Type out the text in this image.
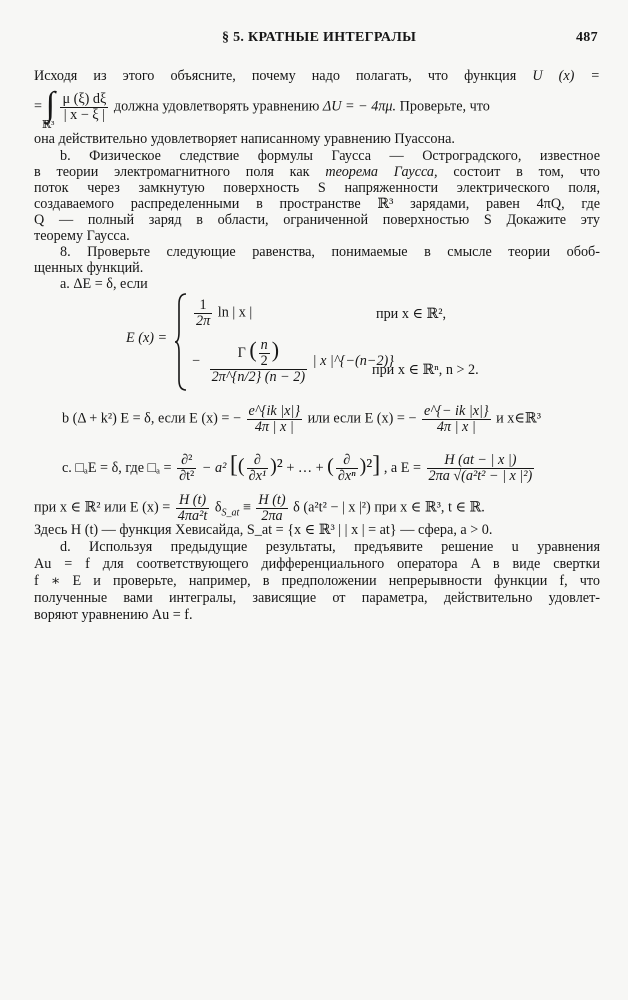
§ 5. КРАТНЫЕ ИНТЕГРАЛЫ	487
Исходя из этого объясните, почему надо полагать, что функция U (x) =
= ∫ $\frac{\mu (\xi) d\xi}{| x - \xi |}$ должна удовлетворять уравнению ΔU = − 4πμ. Проверьте, что
ℝ³
она действительно удовлетворяет написанному уравнению Пуассона.
b. Физическое следствие формулы Гаусса — Остроградского, известное
в теории электромагнитного поля как теорема Гаусса, состоит в том, что
поток через замкнутую поверхность S напряженности электрического поля,
создаваемого распределенными в пространстве ℝ³ зарядами, равен 4πQ, где
Q — полный заряд в области, ограниченной поверхностью S Докажите эту
теорему Гаусса.
8. Проверьте следующие равенства, понимаемые в смысле теории обоб-
щенных функций.
a. ΔE = δ, если
E (x) =
$\frac{1}{2\pi}$ ln | x |	при x ∈ ℝ²,
− $\frac{\Gamma ( \frac{n}{2} )}{2\pi\^{}\{n/2\} (n - 2)}$ | x |^{−(n−2)}
при x ∈ ℝⁿ, n > 2.
b (Δ + k²) E = δ, если E (x) = − $\frac{e\^{}\{ik |x|\}}{4\pi | x |}$ или если E (x) = − $\frac{e\^{}\{- ik |x|\}}{4\pi | x |}$ и x∈ℝ³
c. □ₐE = δ, где □ₐ = $\frac{\text{∂²}}{\text{∂t²}} - a^2$ [( $\frac{\partial}{\text{∂x¹}} )^2$ + … + ( $\frac{\partial}{\text{∂xⁿ}} )^2$] , а $E = \frac{H (at - | x |)}{\text{2πa √(a²t² − | x |²)}}$
при x ∈ ℝ² или E $(x) = \frac{H (t)}{\text{4πa²t}} \delta_{S\_at} \equiv \frac{H (t)}{2\pi a}$ δ (a²t² − | x |²) при x ∈ ℝ³, t ∈ ℝ.
Здесь H (t) — функция Хевисайда, S_at = {x ∈ ℝ³ | | x | = at} — сфера, a > 0.
d. Используя предыдущие результаты, предъявите решение u уравнения
Au = f для соответствующего дифференциального оператора A в виде свертки
f ∗ E и проверьте, например, в предположении непрерывности функции f, что
полученные вами интегралы, зависящие от параметра, действительно удовлет-
воряют уравнению Au = f.
